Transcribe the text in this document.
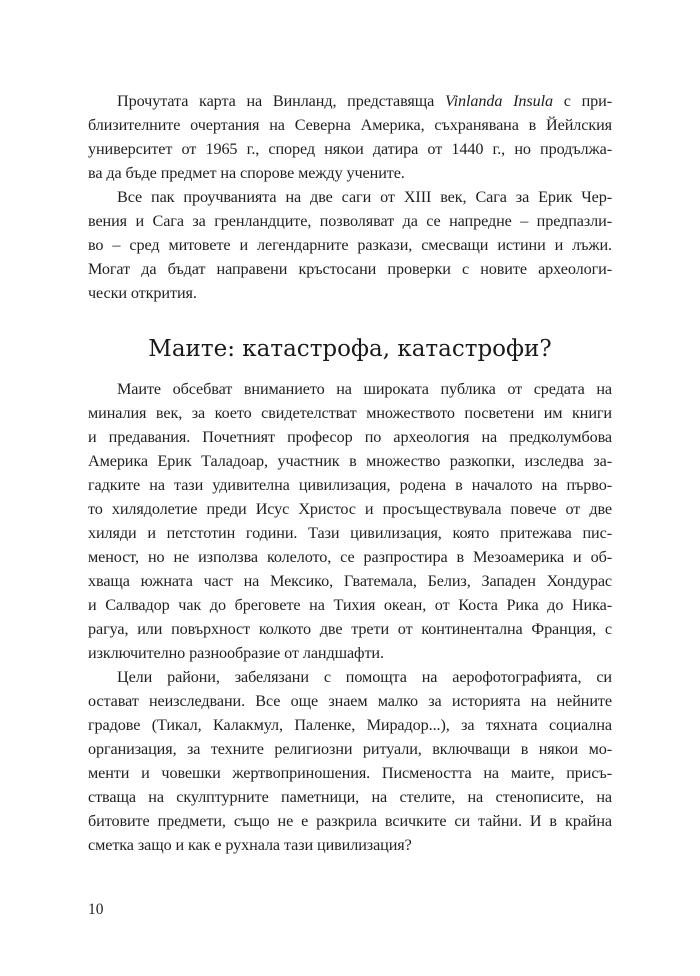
Прочутата карта на Винланд, представяща Vinlanda Insula с при-
близителните очертания на Северна Америка, съхранявана в Йейлския
университет от 1965 г., според някои датира от 1440 г., но продължа-
ва да бъде предмет на спорове между учените.

Все пак проучванията на две саги от XIII век, Сага за Ерик Чер-
вения и Сага за гренландците, позволяват да се напредне – предпазли-
во – сред митовете и легендарните разкази, смесващи истини и лъжи.
Могат да бъдат направени кръстосани проверки с новите археологи-
чески открития.

Маите: катастрофа, катастрофи?

Маите обсебват вниманието на широката публика от средата на
миналия век, за което свидетелстват множеството посветени им книги
и предавания. Почетният професор по археология на предколумбова
Америка Ерик Таладоар, участник в множество разкопки, изследва за-
гадките на тази удивителна цивилизация, родена в началото на първо-
то хилядолетие преди Исус Христос и просъществувала повече от две
хиляди и петстотин години. Тази цивилизация, която притежава пис-
меност, но не използва колелото, се разпростира в Мезоамерика и об-
хваща южната част на Мексико, Гватемала, Белиз, Западен Хондурас
и Салвадор чак до бреговете на Тихия океан, от Коста Рика до Ника-
рагуа, или повърхност колкото две трети от континентална Франция, с
изключително разнообразие от ландшафти.

Цели райони, забелязани с помощта на аерофотографията, си
остават неизследвани. Все още знаем малко за историята на нейните
градове (Тикал, Калакмул, Паленке, Мирадор...), за тяхната социална
организация, за техните религиозни ритуали, включващи в някои мо-
менти и човешки жертвоприношения. Писмеността на маите, присъ-
стваща на скулптурните паметници, на стелите, на стенописите, на
битовите предмети, също не е разкрила всичките си тайни. И в крайна
сметка защо и как е рухнала тази цивилизация?

10
